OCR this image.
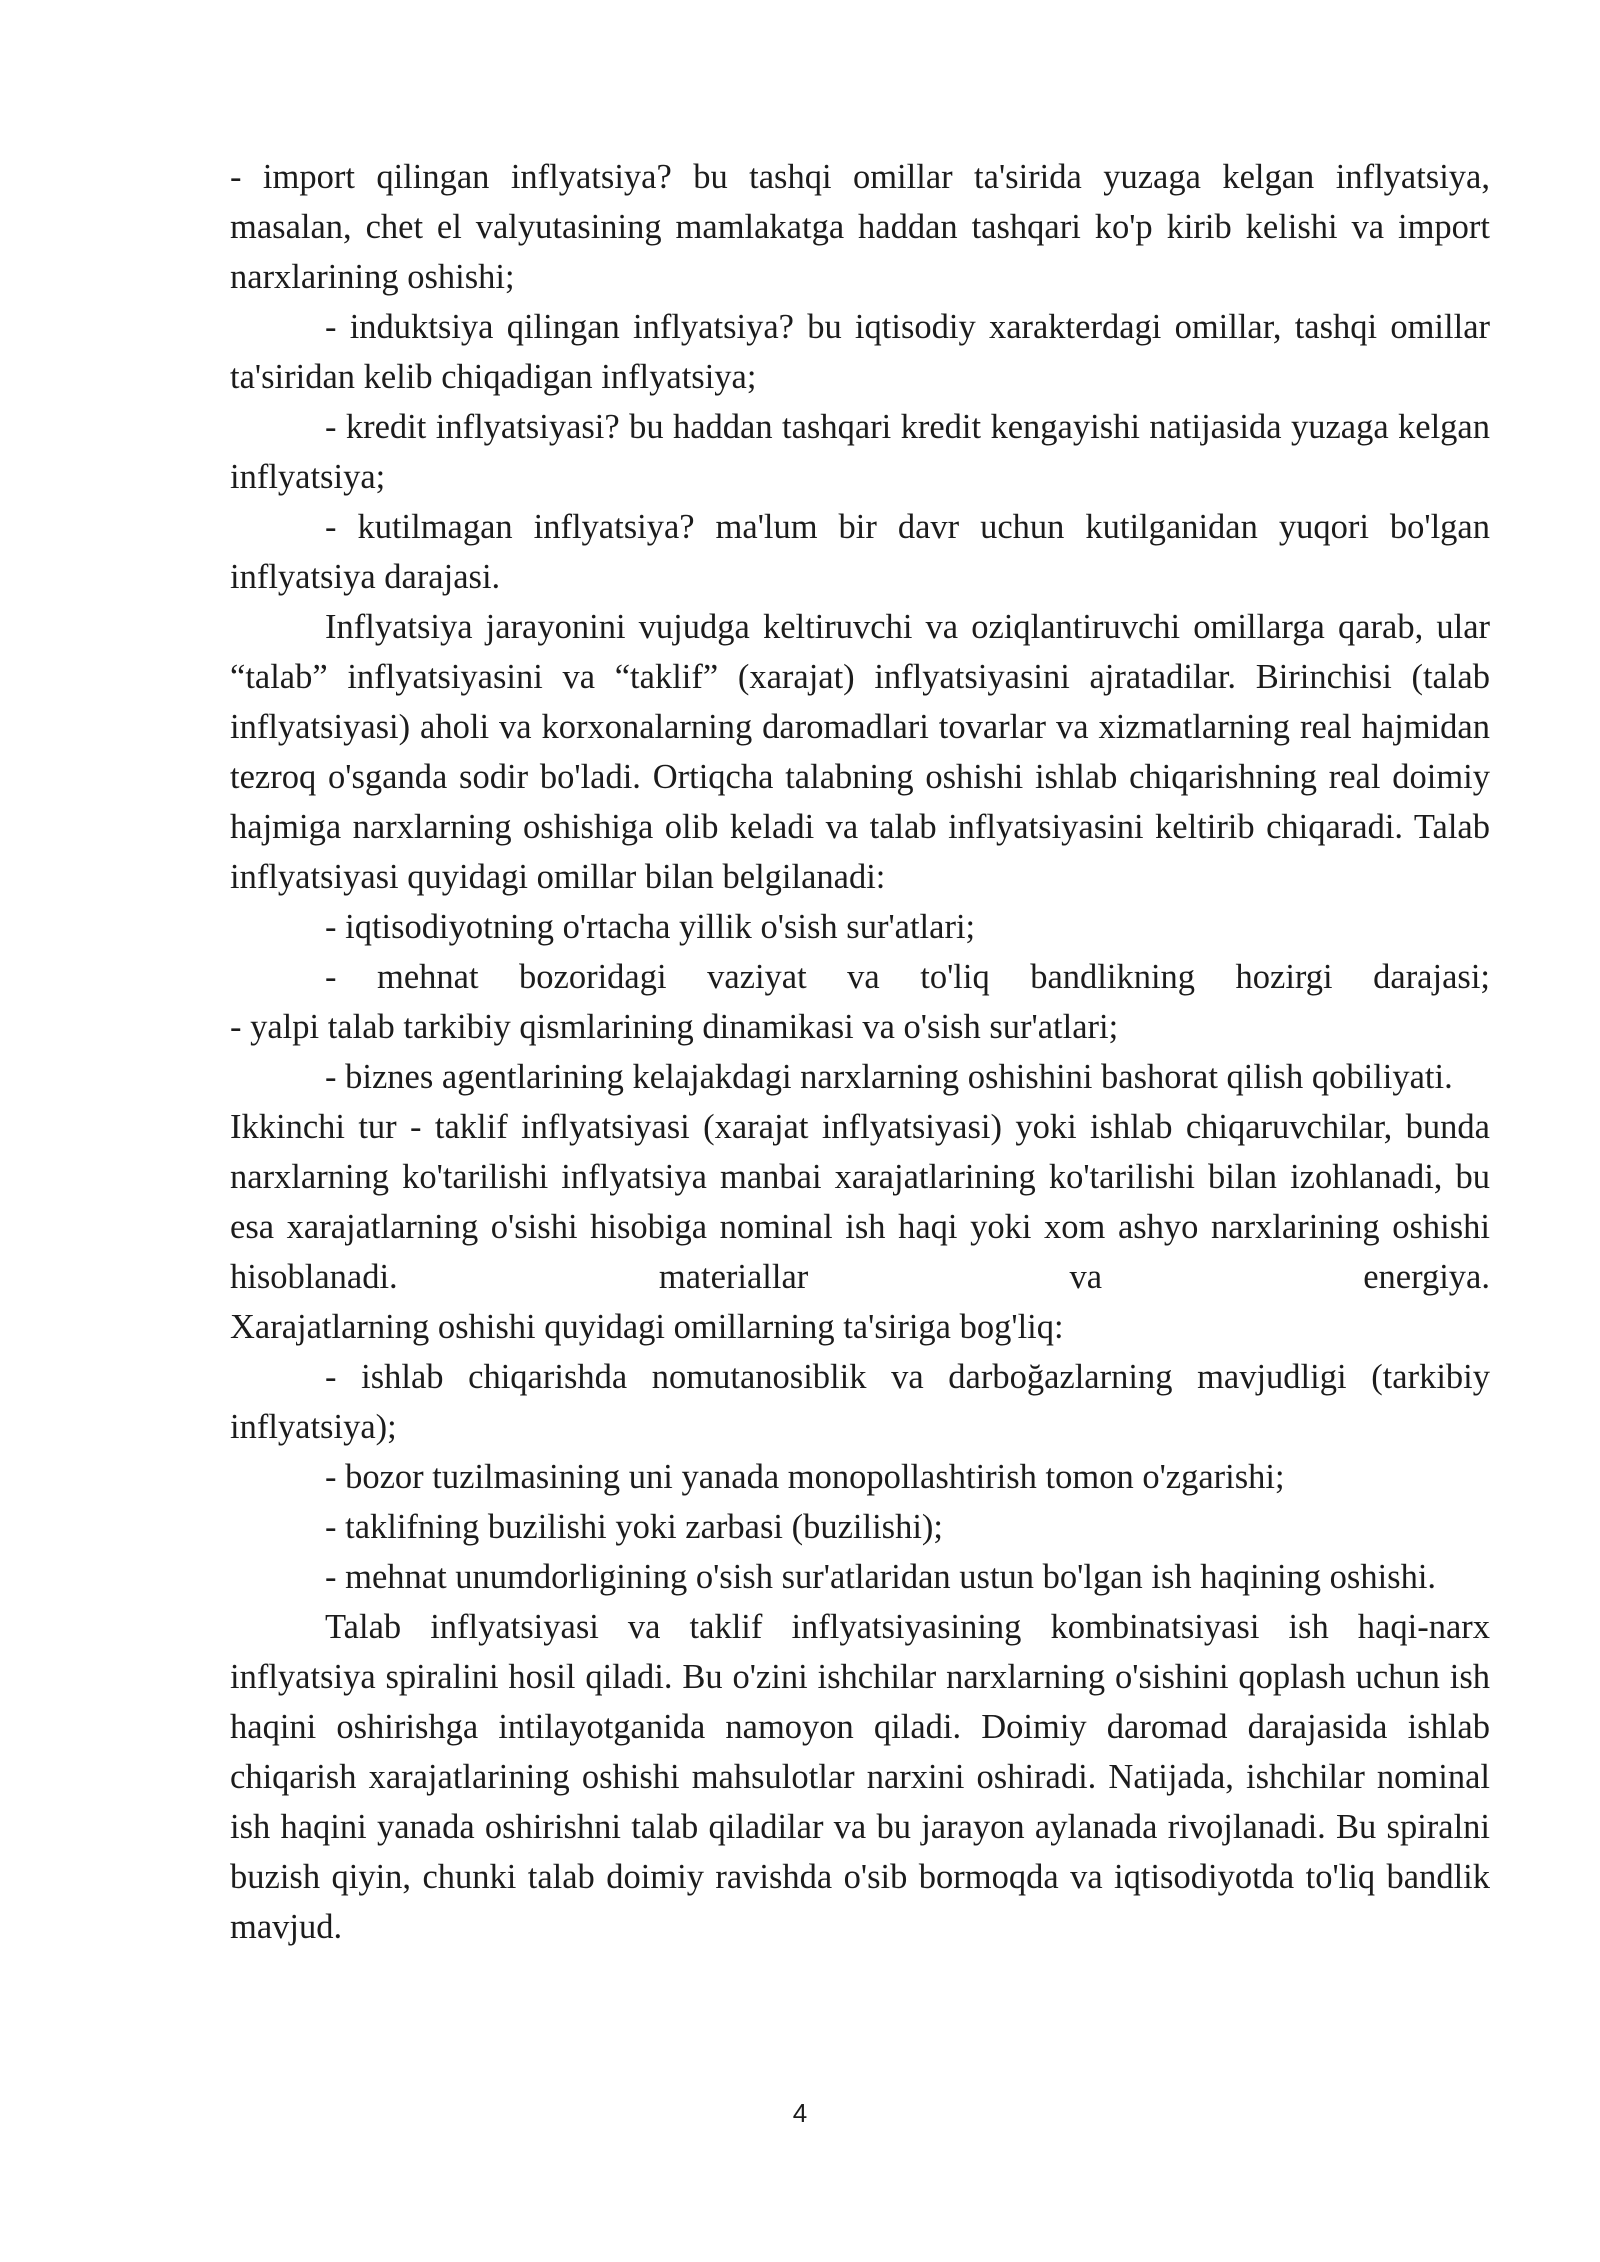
- import qilingan inflyatsiya? bu tashqi omillar ta'sirida yuzaga kelgan inflyatsiya, masalan, chet el valyutasining mamlakatga haddan tashqari ko'p kirib kelishi va import narxlarining oshishi;

- induktsiya qilingan inflyatsiya? bu iqtisodiy xarakterdagi omillar, tashqi omillar ta'siridan kelib chiqadigan inflyatsiya;

- kredit inflyatsiyasi? bu haddan tashqari kredit kengayishi natijasida yuzaga kelgan inflyatsiya;

- kutilmagan inflyatsiya? ma'lum bir davr uchun kutilganidan yuqori bo'lgan inflyatsiya darajasi.

Inflyatsiya jarayonini vujudga keltiruvchi va oziqlantiruvchi omillarga qarab, ular “talab” inflyatsiyasini va “taklif” (xarajat) inflyatsiyasini ajratadilar. Birinchisi (talab inflyatsiyasi) aholi va korxonalarning daromadlari tovarlar va xizmatlarning real hajmidan tezroq o'sganda sodir bo'ladi. Ortiqcha talabning oshishi ishlab chiqarishning real doimiy hajmiga narxlarning oshishiga olib keladi va talab inflyatsiyasini keltirib chiqaradi. Talab inflyatsiyasi quyidagi omillar bilan belgilanadi:

- iqtisodiyotning o'rtacha yillik o'sish sur'atlari;

- mehnat bozoridagi vaziyat va to'liq bandlikning hozirgi darajasi;

- yalpi talab tarkibiy qismlarining dinamikasi va o'sish sur'atlari;

- biznes agentlarining kelajakdagi narxlarning oshishini bashorat qilish qobiliyati.

Ikkinchi tur - taklif inflyatsiyasi (xarajat inflyatsiyasi) yoki ishlab chiqaruvchilar, bunda narxlarning ko'tarilishi inflyatsiya manbai xarajatlarining ko'tarilishi bilan izohlanadi, bu esa xarajatlarning o'sishi hisobiga nominal ish haqi yoki xom ashyo narxlarining oshishi hisoblanadi. materiallar va energiya.

Xarajatlarning oshishi quyidagi omillarning ta'siriga bog'liq:

- ishlab chiqarishda nomutanosiblik va darboğazlarning mavjudligi (tarkibiy inflyatsiya);

- bozor tuzilmasining uni yanada monopollashtirish tomon o'zgarishi;

- taklifning buzilishi yoki zarbasi (buzilishi);

- mehnat unumdorligining o'sish sur'atlaridan ustun bo'lgan ish haqining oshishi.

Talab inflyatsiyasi va taklif inflyatsiyasining kombinatsiyasi ish haqi-narx inflyatsiya spiralini hosil qiladi. Bu o'zini ishchilar narxlarning o'sishini qoplash uchun ish haqini oshirishga intilayotganida namoyon qiladi. Doimiy daromad darajasida ishlab chiqarish xarajatlarining oshishi mahsulotlar narxini oshiradi. Natijada, ishchilar nominal ish haqini yanada oshirishni talab qiladilar va bu jarayon aylanada rivojlanadi. Bu spiralni buzish qiyin, chunki talab doimiy ravishda o'sib bormoqda va iqtisodiyotda to'liq bandlik mavjud.

4
